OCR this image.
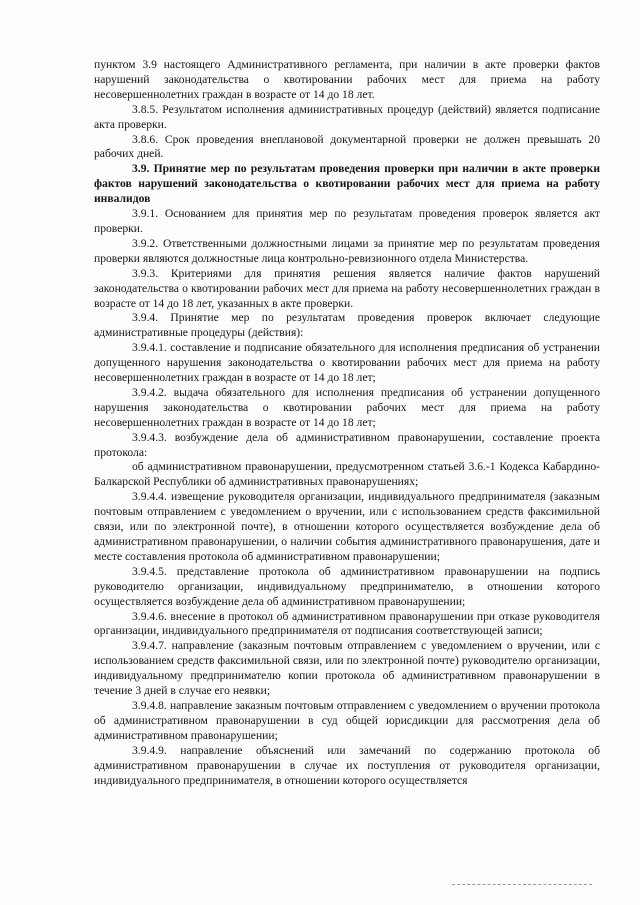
пунктом 3.9 настоящего Административного регламента, при наличии в акте проверки фактов нарушений законодательства о квотировании рабочих мест для приема на работу несовершеннолетних граждан в возрасте от 14 до 18 лет.

3.8.5. Результатом исполнения административных процедур (действий) является подписание акта проверки.

3.8.6. Срок проведения внеплановой документарной проверки не должен превышать 20 рабочих дней.

3.9. Принятие мер по результатам проведения проверки при наличии в акте проверки фактов нарушений законодательства о квотировании рабочих мест для приема на работу инвалидов

3.9.1. Основанием для принятия мер по результатам проведения проверок является акт проверки.

3.9.2. Ответственными должностными лицами за принятие мер по результатам проведения проверки являются должностные лица контрольно-ревизионного отдела Министерства.

3.9.3. Критериями для принятия решения является наличие фактов нарушений законодательства о квотировании рабочих мест для приема на работу несовершеннолетних граждан в возрасте от 14 до 18 лет, указанных в акте проверки.

3.9.4. Принятие мер по результатам проведения проверок включает следующие административные процедуры (действия):

3.9.4.1. составление и подписание обязательного для исполнения предписания об устранении допущенного нарушения законодательства о квотировании рабочих мест для приема на работу несовершеннолетних граждан в возрасте от 14 до 18 лет;

3.9.4.2. выдача обязательного для исполнения предписания об устранении допущенного нарушения законодательства о квотировании рабочих мест для приема на работу несовершеннолетних граждан в возрасте от 14 до 18 лет;

3.9.4.3. возбуждение дела об административном правонарушении, составление проекта протокола:

об административном правонарушении, предусмотренном статьей 3.6.-1 Кодекса Кабардино-Балкарской Республики об административных правонарушениях;

3.9.4.4. извещение руководителя организации, индивидуального предпринимателя (заказным почтовым отправлением с уведомлением о вручении, или с использованием средств факсимильной связи, или по электронной почте), в отношении которого осуществляется возбуждение дела об административном правонарушении, о наличии события административного правонарушения, дате и месте составления протокола об административном правонарушении;

3.9.4.5. представление протокола об административном правонарушении на подпись руководителю организации, индивидуальному предпринимателю, в отношении которого осуществляется возбуждение дела об административном правонарушении;

3.9.4.6. внесение в протокол об административном правонарушении при отказе руководителя организации, индивидуального предпринимателя от подписания соответствующей записи;

3.9.4.7. направление (заказным почтовым отправлением с уведомлением о вручении, или с использованием средств факсимильной связи, или по электронной почте) руководителю организации, индивидуальному предпринимателю копии протокола об административном правонарушении в течение 3 дней в случае его неявки;

3.9.4.8. направление заказным почтовым отправлением с уведомлением о вручении протокола об административном правонарушении в суд общей юрисдикции для рассмотрения дела об административном правонарушении;

3.9.4.9. направление объяснений или замечаний по содержанию протокола об административном правонарушении в случае их поступления от руководителя организации, индивидуального предпринимателя, в отношении которого осуществляется
